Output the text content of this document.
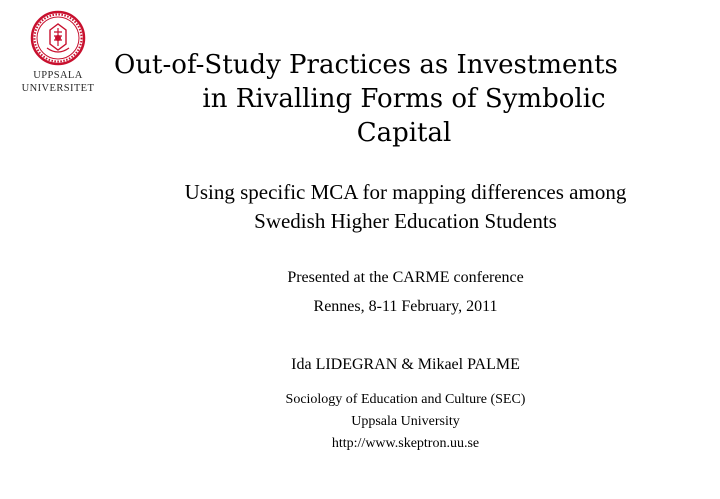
UPPSALA
UNIVERSITET
Out-of-Study Practices as Investments
in Rivalling Forms of Symbolic
Capital
Using specific MCA for mapping differences among
Swedish Higher Education Students
Presented at the CARME conference
Rennes, 8-11 February, 2011
Ida LIDEGRAN & Mikael PALME
Sociology of Education and Culture (SEC)
Uppsala University
http://www.skeptron.uu.se
